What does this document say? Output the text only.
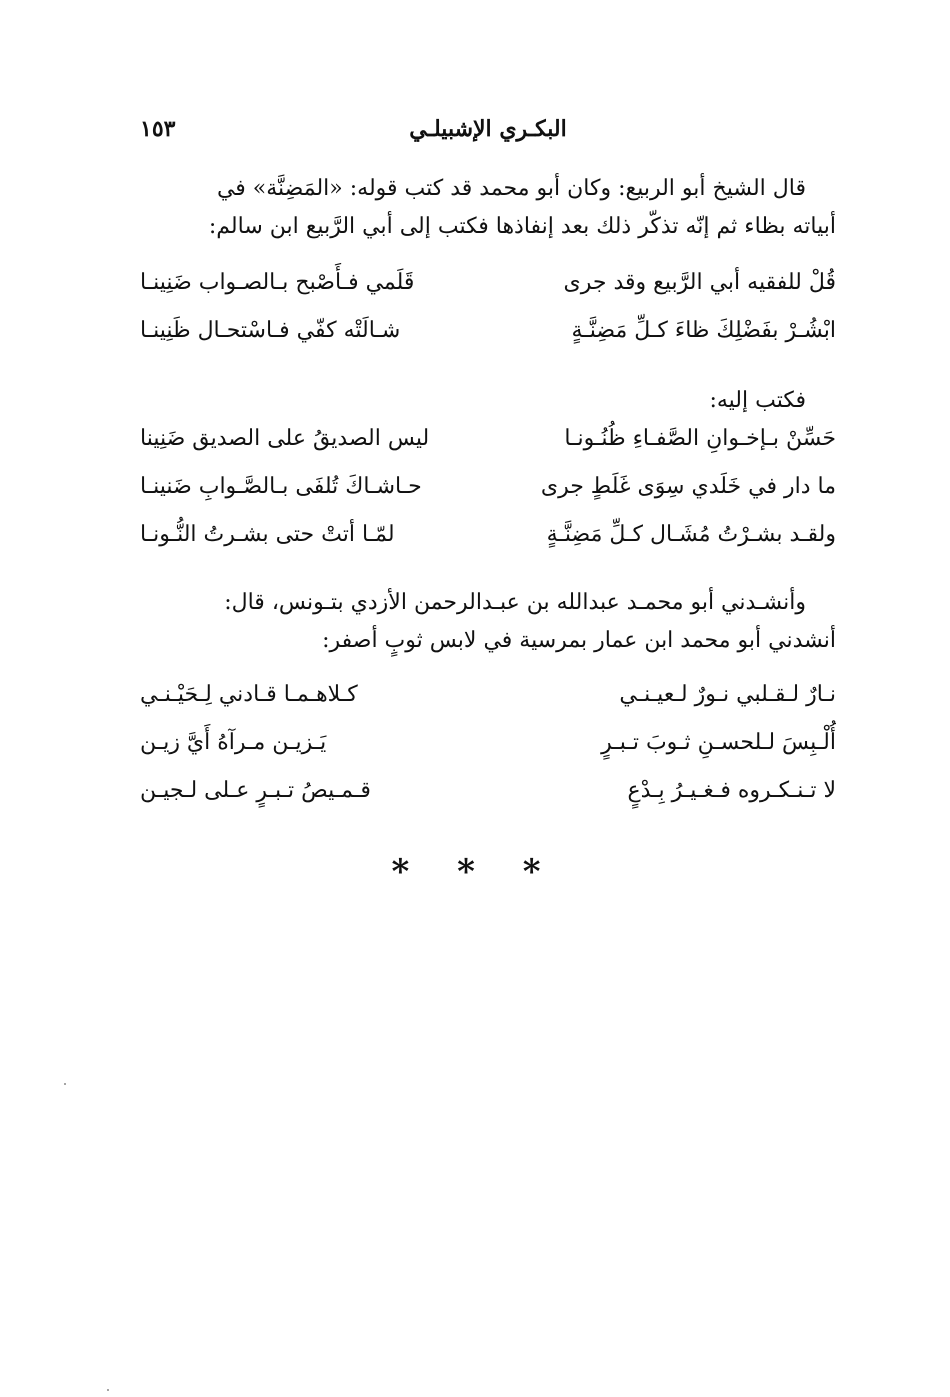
البكـري الإشبيلـي
١٥٣
قال الشيخ أبو الربيع: وكان أبو محمد قد كتب قوله: «المَضِنَّة» في
أبياته بظاء ثم إنّه تذكّر ذلك بعد إنفاذها فكتب إلى أبي الرَّبيع ابن سالم:
قُلْ للفقيه أبي الرَّبيع وقد جرى
قَلَمي فـأَصْبح بـالصـواب ضَنِينـا
ابْشُـرْ بفَضْلِكَ ظاءَ كـلِّ مَضِنَّـةٍ
شـالَتْه كفّي فـاسْتحـال ظَنِينـا
فكتب إليه:
حَسِّنْ بـإخـوانِ الصَّفـاءِ ظُنُـونـا
ليس الصديقُ على الصديق ضَنِينا
ما دار في خَلَدي سِوَى غَلَطٍ جرى
حـاشـاكَ تُلفَى بـالصَّـوابِ ضَنينـا
ولقـد بشـرْتُ مُشَـال كـلِّ مَضِنَّـةٍ
لمّـا أتتْ حتى بشـرتُ النُّـونـا
وأنشـدني أبو محمـد عبدالله بن عبـدالرحمن الأزدي بتـونس، قال:
أنشدني أبو محمد ابن عمار بمرسية في لابس ثوبٍ أصفر:
نـارٌ لـقـلبي نـورٌ لـعيـنـي
كـلاهـمـا قـادني لِـحَيْـنـي
أُلْـبِسَ لـلحسـنِ ثـوبَ تـبـرٍ
يَـزيـن مـرآهُ أَيَّ زيـن
لا تـنـكـروه فـغـيـرُ بِـدْعٍ
قـمـيصُ تـبـرٍ عـلى لـجيـن
* * *
